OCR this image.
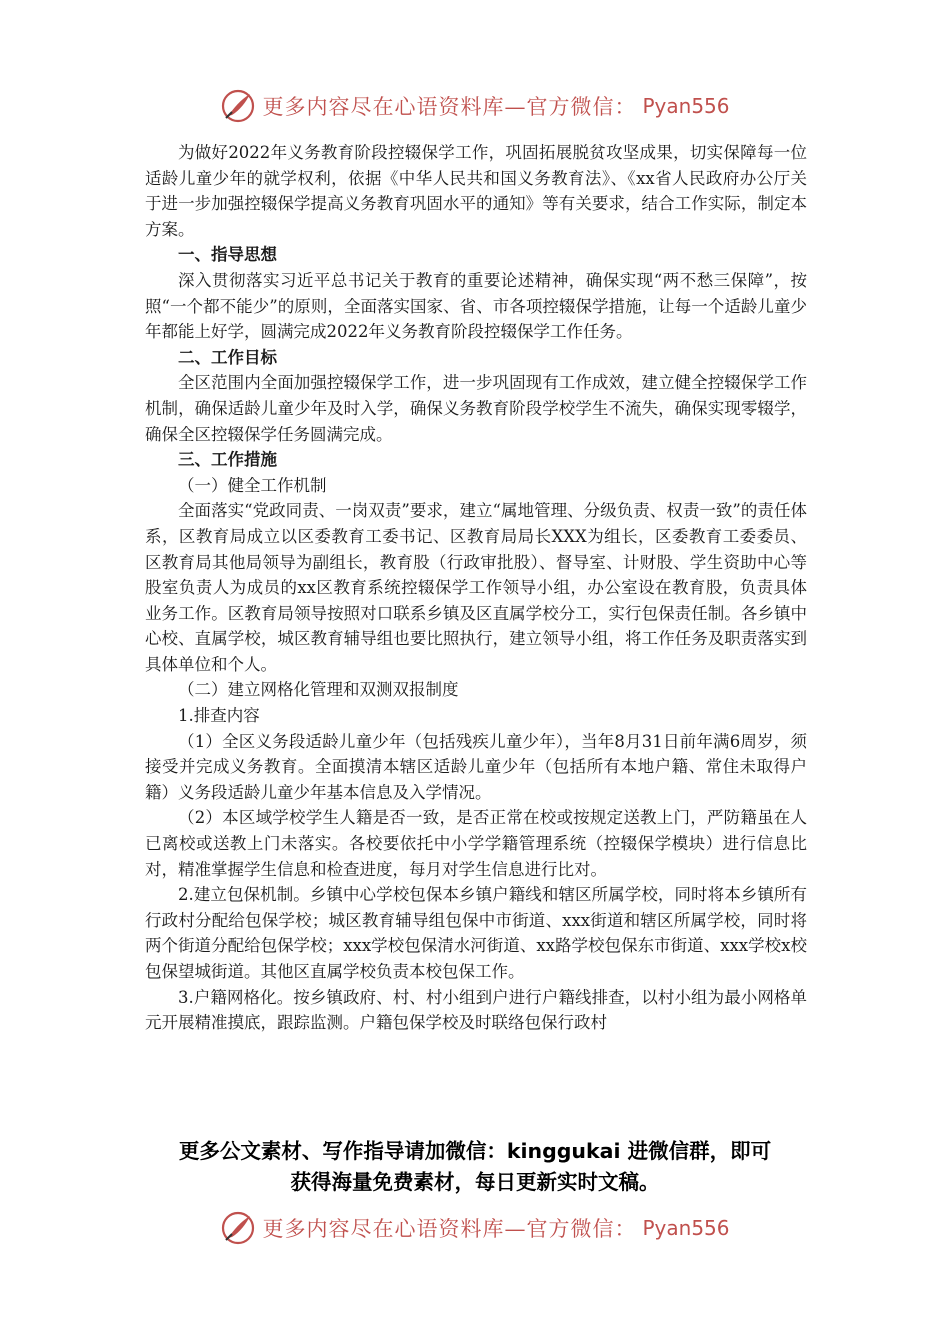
更多内容尽在心语资料库—官方微信： Pyan556

为做好2022年义务教育阶段控辍保学工作，巩固拓展脱贫攻坚成果，切实保障每一位适龄儿童少年的就学权利，依据《中华人民共和国义务教育法》、《xx省人民政府办公厅关于进一步加强控辍保学提高义务教育巩固水平的通知》等有关要求，结合工作实际，制定本方案。

一、指导思想

深入贯彻落实习近平总书记关于教育的重要论述精神，确保实现“两不愁三保障”，按照“一个都不能少”的原则，全面落实国家、省、市各项控辍保学措施，让每一个适龄儿童少年都能上好学，圆满完成2022年义务教育阶段控辍保学工作任务。

二、工作目标

全区范围内全面加强控辍保学工作，进一步巩固现有工作成效，建立健全控辍保学工作机制，确保适龄儿童少年及时入学，确保义务教育阶段学校学生不流失，确保实现零辍学，确保全区控辍保学任务圆满完成。

三、工作措施

（一）健全工作机制

全面落实“党政同责、一岗双责”要求，建立“属地管理、分级负责、权责一致”的责任体系，区教育局成立以区委教育工委书记、区教育局局长XXX为组长，区委教育工委委员、区教育局其他局领导为副组长，教育股（行政审批股）、督导室、计财股、学生资助中心等股室负责人为成员的xx区教育系统控辍保学工作领导小组，办公室设在教育股，负责具体业务工作。区教育局领导按照对口联系乡镇及区直属学校分工，实行包保责任制。各乡镇中心校、直属学校，城区教育辅导组也要比照执行，建立领导小组，将工作任务及职责落实到具体单位和个人。

（二）建立网格化管理和双测双报制度

1.排查内容

（1）全区义务段适龄儿童少年（包括残疾儿童少年），当年8月31日前年满6周岁，须接受并完成义务教育。全面摸清本辖区适龄儿童少年（包括所有本地户籍、常住未取得户籍）义务段适龄儿童少年基本信息及入学情况。

（2）本区域学校学生人籍是否一致，是否正常在校或按规定送教上门，严防籍虽在人已离校或送教上门未落实。各校要依托中小学学籍管理系统（控辍保学模块）进行信息比对，精准掌握学生信息和检查进度，每月对学生信息进行比对。

2.建立包保机制。乡镇中心学校包保本乡镇户籍线和辖区所属学校，同时将本乡镇所有行政村分配给包保学校；城区教育辅导组包保中市街道、xxx街道和辖区所属学校，同时将两个街道分配给包保学校；xxx学校包保清水河街道、xx路学校包保东市街道、xxx学校x校包保望城街道。其他区直属学校负责本校包保工作。

3.户籍网格化。按乡镇政府、村、村小组到户进行户籍线排查，以村小组为最小网格单元开展精准摸底，跟踪监测。户籍包保学校及时联络包保行政村

更多公文素材、写作指导请加微信：kinggukai 进微信群，即可
获得海量免费素材，每日更新实时文稿。
更多内容尽在心语资料库—官方微信： Pyan556
